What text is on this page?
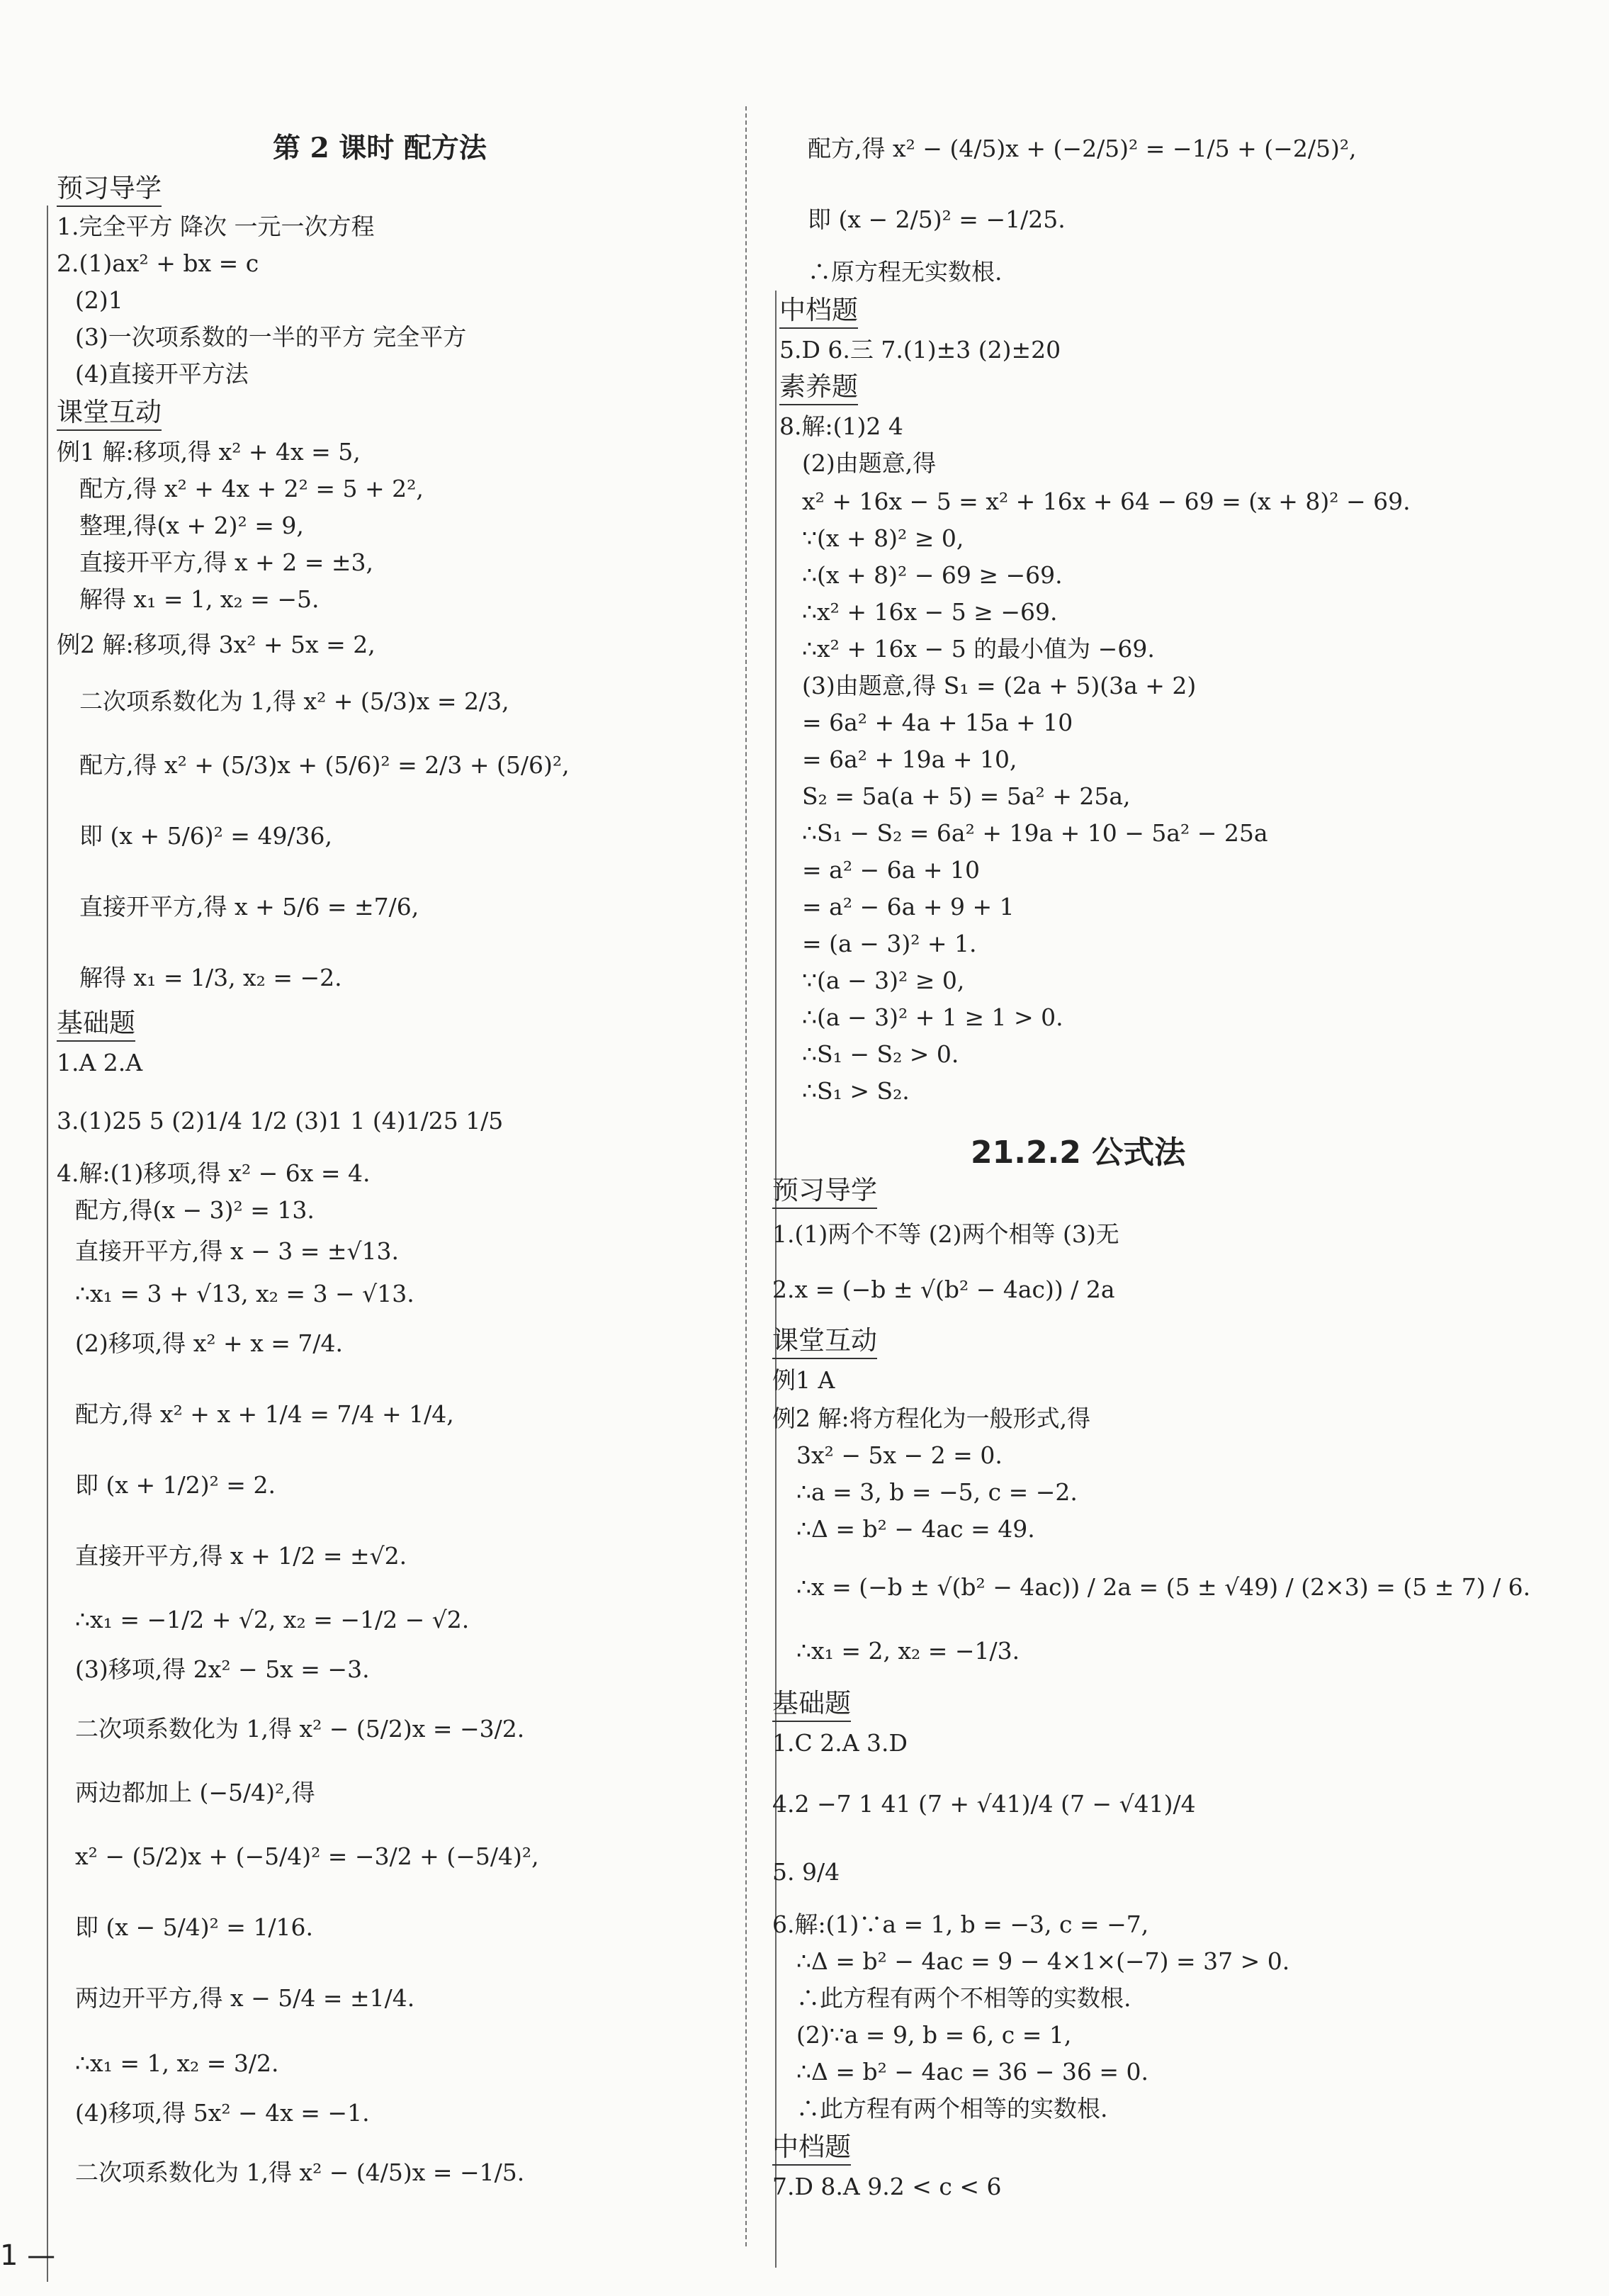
第 2 课时 配方法
预习导学
1.完全平方 降次 一元一次方程
2.(1)ax² + bx = c
(2)1
(3)一次项系数的一半的平方 完全平方
(4)直接开平方法
课堂互动
例1 解:移项,得 x² + 4x = 5,
配方,得 x² + 4x + 2² = 5 + 2²,
整理,得(x + 2)² = 9,
直接开平方,得 x + 2 = ±3,
解得 x₁ = 1, x₂ = −5.
例2 解:移项,得 3x² + 5x = 2,
二次项系数化为 1,得 x² + (5/3)x = 2/3,
配方,得 x² + (5/3)x + (5/6)² = 2/3 + (5/6)²,
即 (x + 5/6)² = 49/36,
直接开平方,得 x + 5/6 = ±7/6,
解得 x₁ = 1/3, x₂ = −2.
基础题
1.A 2.A
3.(1)25 5 (2)1/4 1/2 (3)1 1 (4)1/25 1/5
4.解:(1)移项,得 x² − 6x = 4.
配方,得(x − 3)² = 13.
直接开平方,得 x − 3 = ±√13.
∴x₁ = 3 + √13, x₂ = 3 − √13.
(2)移项,得 x² + x = 7/4.
配方,得 x² + x + 1/4 = 7/4 + 1/4,
即 (x + 1/2)² = 2.
直接开平方,得 x + 1/2 = ±√2.
∴x₁ = −1/2 + √2, x₂ = −1/2 − √2.
(3)移项,得 2x² − 5x = −3.
二次项系数化为 1,得 x² − (5/2)x = −3/2.
两边都加上 (−5/4)²,得
x² − (5/2)x + (−5/4)² = −3/2 + (−5/4)²,
即 (x − 5/4)² = 1/16.
两边开平方,得 x − 5/4 = ±1/4.
∴x₁ = 1, x₂ = 3/2.
(4)移项,得 5x² − 4x = −1.
二次项系数化为 1,得 x² − (4/5)x = −1/5.
配方,得 x² − (4/5)x + (−2/5)² = −1/5 + (−2/5)²,
即 (x − 2/5)² = −1/25.
∴原方程无实数根.
中档题
5.D 6.三 7.(1)±3 (2)±20
素养题
8.解:(1)2 4
(2)由题意,得
x² + 16x − 5 = x² + 16x + 64 − 69 = (x + 8)² − 69.
∵(x + 8)² ≥ 0,
∴(x + 8)² − 69 ≥ −69.
∴x² + 16x − 5 ≥ −69.
∴x² + 16x − 5 的最小值为 −69.
(3)由题意,得 S₁ = (2a + 5)(3a + 2)
= 6a² + 4a + 15a + 10
= 6a² + 19a + 10,
S₂ = 5a(a + 5) = 5a² + 25a,
∴S₁ − S₂ = 6a² + 19a + 10 − 5a² − 25a
= a² − 6a + 10
= a² − 6a + 9 + 1
= (a − 3)² + 1.
∵(a − 3)² ≥ 0,
∴(a − 3)² + 1 ≥ 1 > 0.
∴S₁ − S₂ > 0.
∴S₁ > S₂.
21.2.2 公式法
预习导学
1.(1)两个不等 (2)两个相等 (3)无
2.x = (−b ± √(b² − 4ac)) / 2a
课堂互动
例1 A
例2 解:将方程化为一般形式,得
3x² − 5x − 2 = 0.
∴a = 3, b = −5, c = −2.
∴Δ = b² − 4ac = 49.
∴x = (−b ± √(b² − 4ac)) / 2a = (5 ± √49) / (2×3) = (5 ± 7) / 6.
∴x₁ = 2, x₂ = −1/3.
基础题
1.C 2.A 3.D
4.2 −7 1 41 (7 + √41)/4 (7 − √41)/4
5. 9/4
6.解:(1)∵a = 1, b = −3, c = −7,
∴Δ = b² − 4ac = 9 − 4×1×(−7) = 37 > 0.
∴此方程有两个不相等的实数根.
(2)∵a = 9, b = 6, c = 1,
∴Δ = b² − 4ac = 36 − 36 = 0.
∴此方程有两个相等的实数根.
中档题
7.D 8.A 9.2 < c < 6
1 —
